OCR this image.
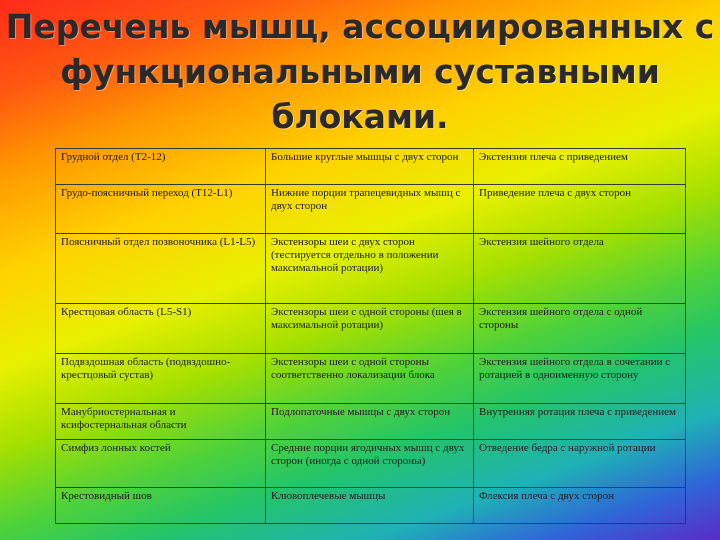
Перечень мышц, ассоциированных с
функциональными суставными
блоками.
Грудной отдел (Т2-12)	Большие круглые мышцы с двух сторон	Экстензия плеча с приведением
Грудо-поясничный переход (Т12-L1)	Нижние порции трапецевидных мышц с двух сторон	Приведение плеча с двух сторон
Поясничный отдел позвоночника (L1-L5)	Экстензоры шеи с двух сторон (тестируется отдельно в положении максимальной ротации)	Экстензия шейного отдела
Крестцовая область (L5-S1)	Экстензоры шеи с одной стороны (шея в максимальной ротации)	Экстензия шейного отдела с одной стороны
Подвздошная область (подвздошно-крестцовый сустав)	Экстензоры шеи с одной стороны соответственно локализации блока	Экстензия шейного отдела в сочетании с ротацией в одноименную сторону
Манубриостернальная и ксифостернальная области	Подлопаточные мышцы с двух сторон	Внутренняя ротация плеча с приведением
Симфиз лонных костей	Средние порции ягодичных мышц с двух сторон (иногда с одной стороны)	Отведение бедра с наружной ротации
Крестовидный шов	Клювоплечевые мышцы	Флексия плеча с двух сторон
